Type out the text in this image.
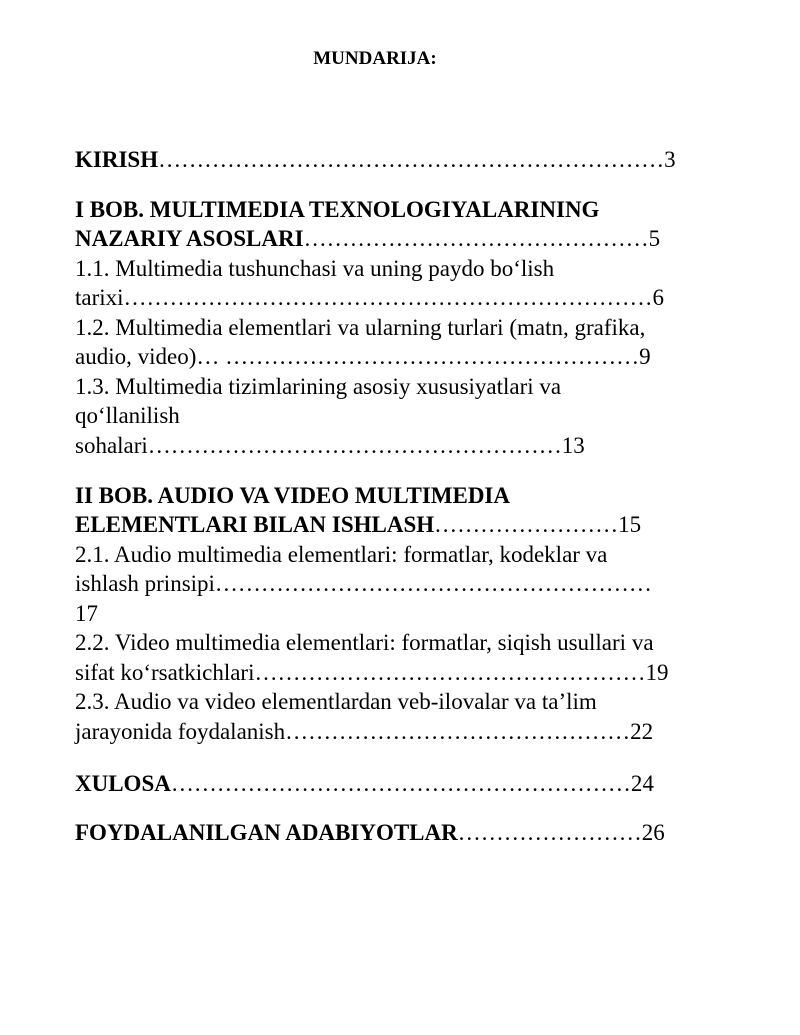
MUNDARIJA:
KIRISH…………………………………………………………3
I BOB. MULTIMEDIA TEXNOLOGIYALARINING
NAZARIY ASOSLARI………………………………………5
1.1. Multimedia tushunchasi va uning paydo bo‘lish
tarixi……………………………………………………………6
1.2. Multimedia elementlari va ularning turlari (matn, grafika,
audio, video)… ………………………………………………9
1.3. Multimedia tizimlarining asosiy xususiyatlari va
qo‘llanilish
sohalari………………………………………………13
II BOB. AUDIO VA VIDEO MULTIMEDIA
ELEMENTLARI BILAN ISHLASH……………………15
2.1. Audio multimedia elementlari: formatlar, kodeklar va
ishlash prinsipi…………………………………………………
17
2.2. Video multimedia elementlari: formatlar, siqish usullari va
sifat ko‘rsatkichlari……………………………………………19
2.3. Audio va video elementlardan veb-ilovalar va ta’lim
jarayonida foydalanish………………………………………22
XULOSA……………………………………………………24
FOYDALANILGAN ADABIYOTLAR……………………26
